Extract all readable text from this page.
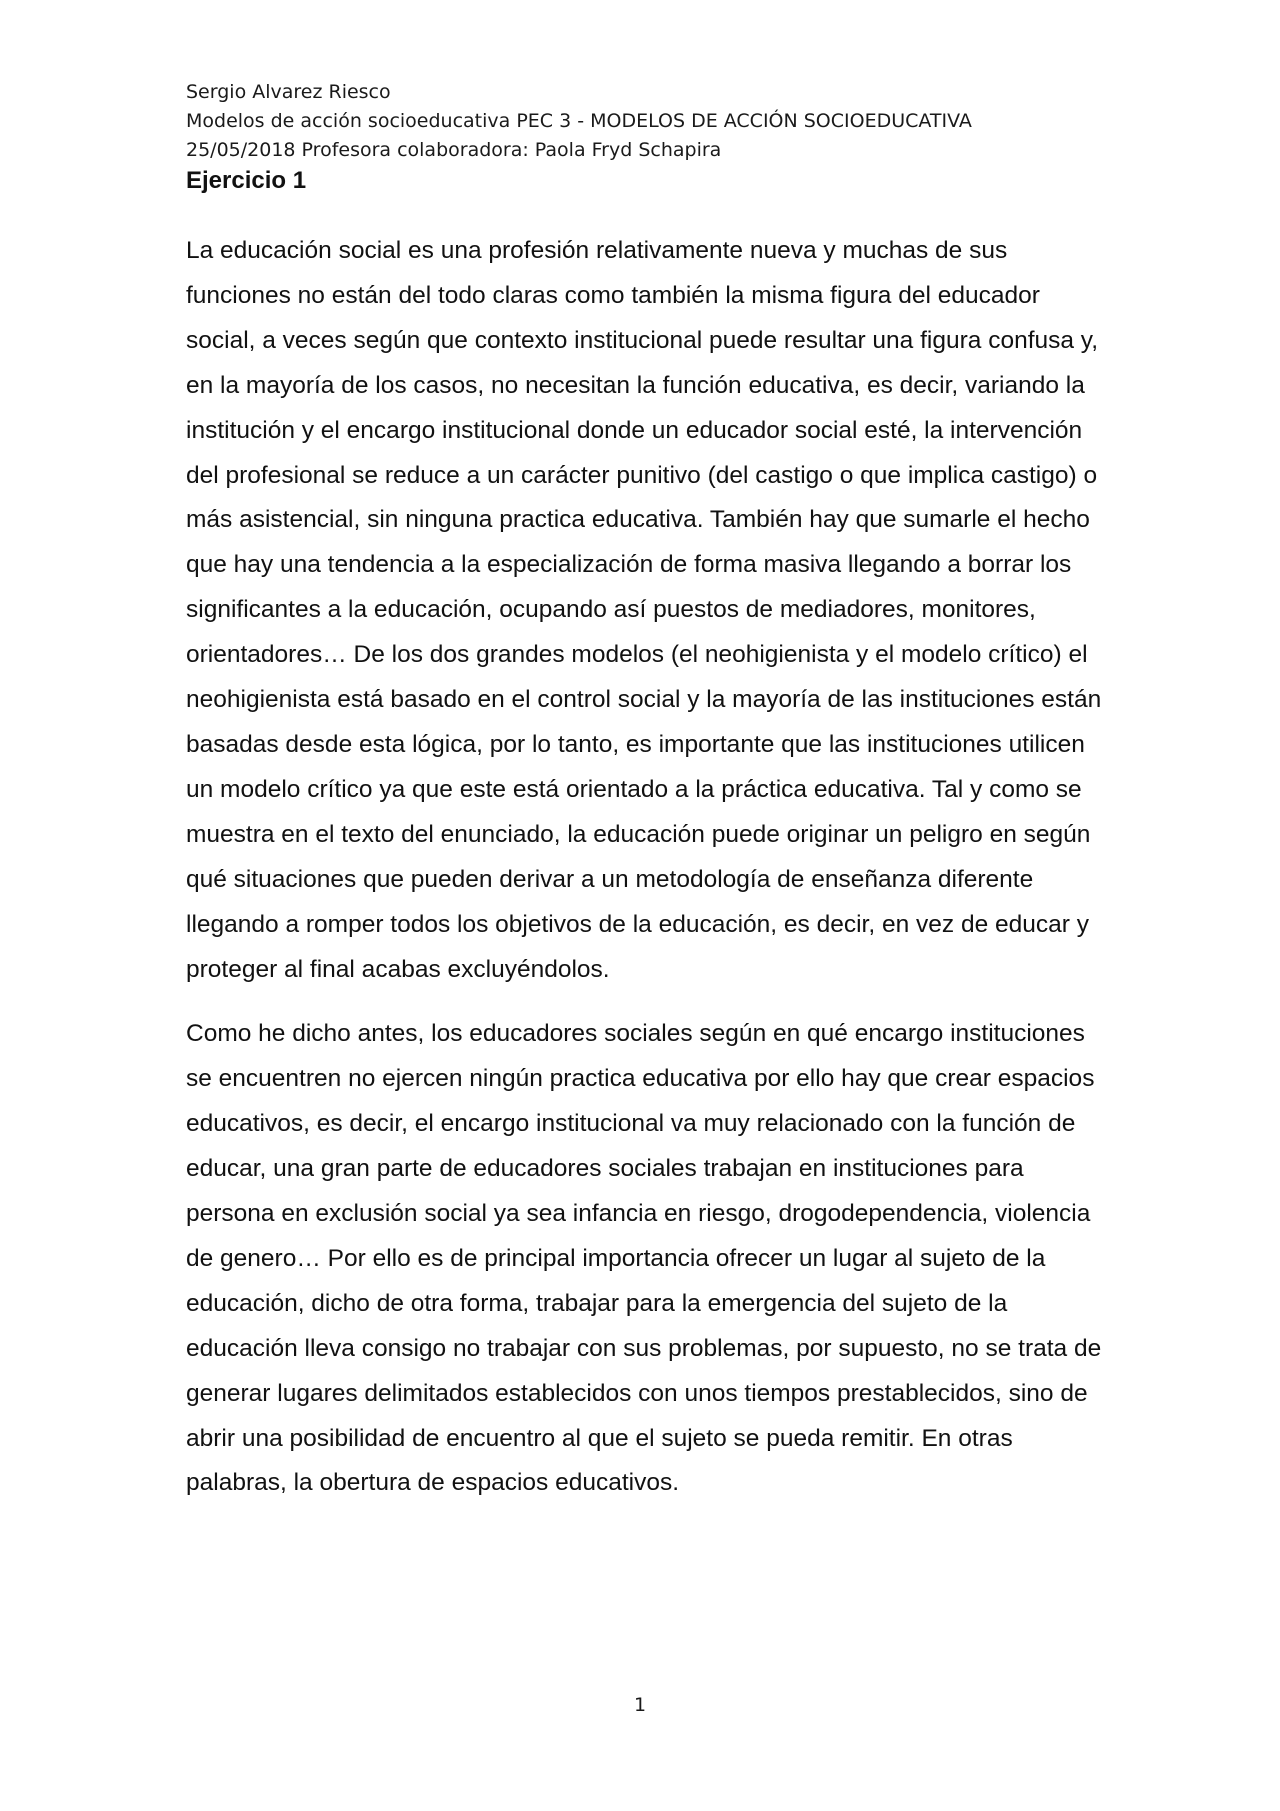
Sergio Alvarez Riesco
Modelos de acción socioeducativa PEC 3 - MODELOS DE ACCIÓN SOCIOEDUCATIVA
25/05/2018 Profesora colaboradora: Paola Fryd Schapira
Ejercicio 1

La educación social es una profesión relativamente nueva y muchas de sus funciones no están del todo claras como también la misma figura del educador social, a veces según que contexto institucional puede resultar una figura confusa y, en la mayoría de los casos, no necesitan la función educativa, es decir, variando la institución y el encargo institucional donde un educador social esté, la intervención del profesional se reduce a un carácter punitivo (del castigo o que implica castigo) o más asistencial, sin ninguna practica educativa. También hay que sumarle el hecho que hay una tendencia a la especialización de forma masiva llegando a borrar los significantes a la educación, ocupando así puestos de mediadores, monitores, orientadores… De los dos grandes modelos (el neohigienista y el modelo crítico) el neohigienista está basado en el control social y la mayoría de las instituciones están basadas desde esta lógica, por lo tanto, es importante que las instituciones utilicen un modelo crítico ya que este está orientado a la práctica educativa. Tal y como se muestra en el texto del enunciado, la educación puede originar un peligro en según qué situaciones que pueden derivar a un metodología de enseñanza diferente llegando a romper todos los objetivos de la educación, es decir, en vez de educar y proteger al final acabas excluyéndolos.

Como he dicho antes, los educadores sociales según en qué encargo instituciones se encuentren no ejercen ningún practica educativa por ello hay que crear espacios educativos, es decir, el encargo institucional va muy relacionado con la función de educar, una gran parte de educadores sociales trabajan en instituciones para persona en exclusión social ya sea infancia en riesgo, drogodependencia, violencia de genero… Por ello es de principal importancia ofrecer un lugar al sujeto de la educación, dicho de otra forma, trabajar para la emergencia del sujeto de la educación lleva consigo no trabajar con sus problemas, por supuesto, no se trata de generar lugares delimitados establecidos con unos tiempos prestablecidos, sino de abrir una posibilidad de encuentro al que el sujeto se pueda remitir. En otras palabras, la obertura de espacios educativos.

1
